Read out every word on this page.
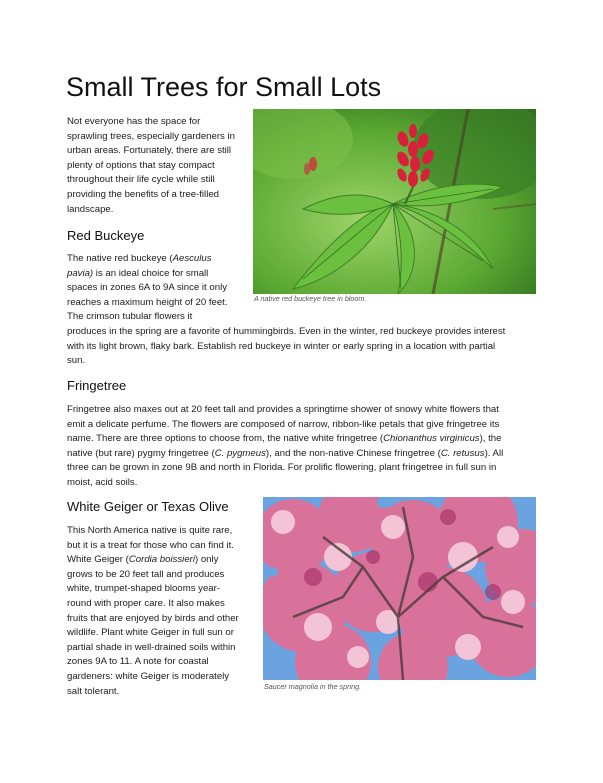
Small Trees for Small Lots
Not everyone has the space for
sprawling trees, especially gardeners in
urban areas. Fortunately, there are still
plenty of options that stay compact
throughout their life cycle while still
providing the benefits of a tree-filled
landscape.
A native red buckeye tree in bloom.
Red Buckeye
The native red buckeye (Aesculus
pavia) is an ideal choice for small
spaces in zones 6A to 9A since it only
reaches a maximum height of 20 feet.
The crimson tubular flowers it
produces in the spring are a favorite of hummingbirds. Even in the winter, red buckeye provides interest
with its light brown, flaky bark. Establish red buckeye in winter or early spring in a location with partial
sun.
Fringetree
Fringetree also maxes out at 20 feet tall and provides a springtime shower of snowy white flowers that
emit a delicate perfume. The flowers are composed of narrow, ribbon-like petals that give fringetree its
name. There are three options to choose from, the native white fringetree (Chionanthus virginicus), the
native (but rare) pygmy fringetree (C. pygmeus), and the non-native Chinese fringetree (C. retusus). All
three can be grown in zone 9B and north in Florida. For prolific flowering, plant fringetree in full sun in
moist, acid soils.
White Geiger or Texas Olive
This North America native is quite rare,
but it is a treat for those who can find it.
White Geiger (Cordia boissieri) only
grows to be 20 feet tall and produces
white, trumpet-shaped blooms year-
round with proper care. It also makes
fruits that are enjoyed by birds and other
wildlife. Plant white Geiger in full sun or
partial shade in well-drained soils within
zones 9A to 11. A note for coastal
gardeners: white Geiger is moderately
salt tolerant.	Saucer magnolia in the spring.
